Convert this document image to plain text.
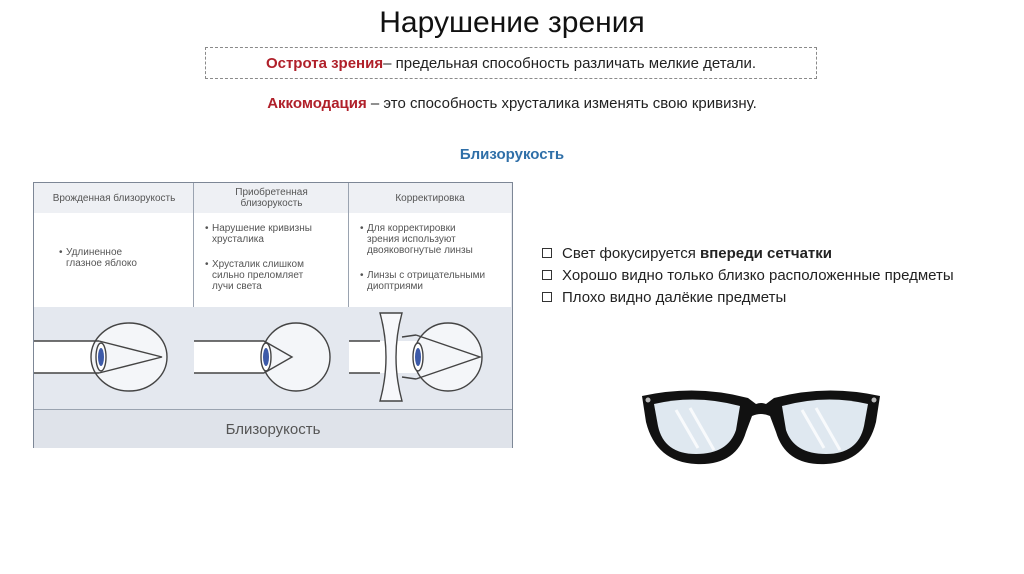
Нарушение зрения
Острота зрения – предельная способность различать мелкие детали.
Аккомодация – это способность хрусталика изменять свою кривизну.
Близорукость
Врожденная близорукость
• Удлиненное
глазное яблоко
Приобретенная
близорукость
• Нарушение кривизны
хрусталика
• Хрусталик слишком
сильно преломляет
лучи света
Корректировка
• Для корректировки
зрения используют
двояковогнутые линзы
• Линзы с отрицательными
диоптриями
Близорукость
Свет фокусируется впереди сетчатки
Хорошо видно только близко расположенные предметы
Плохо видно далёкие предметы
